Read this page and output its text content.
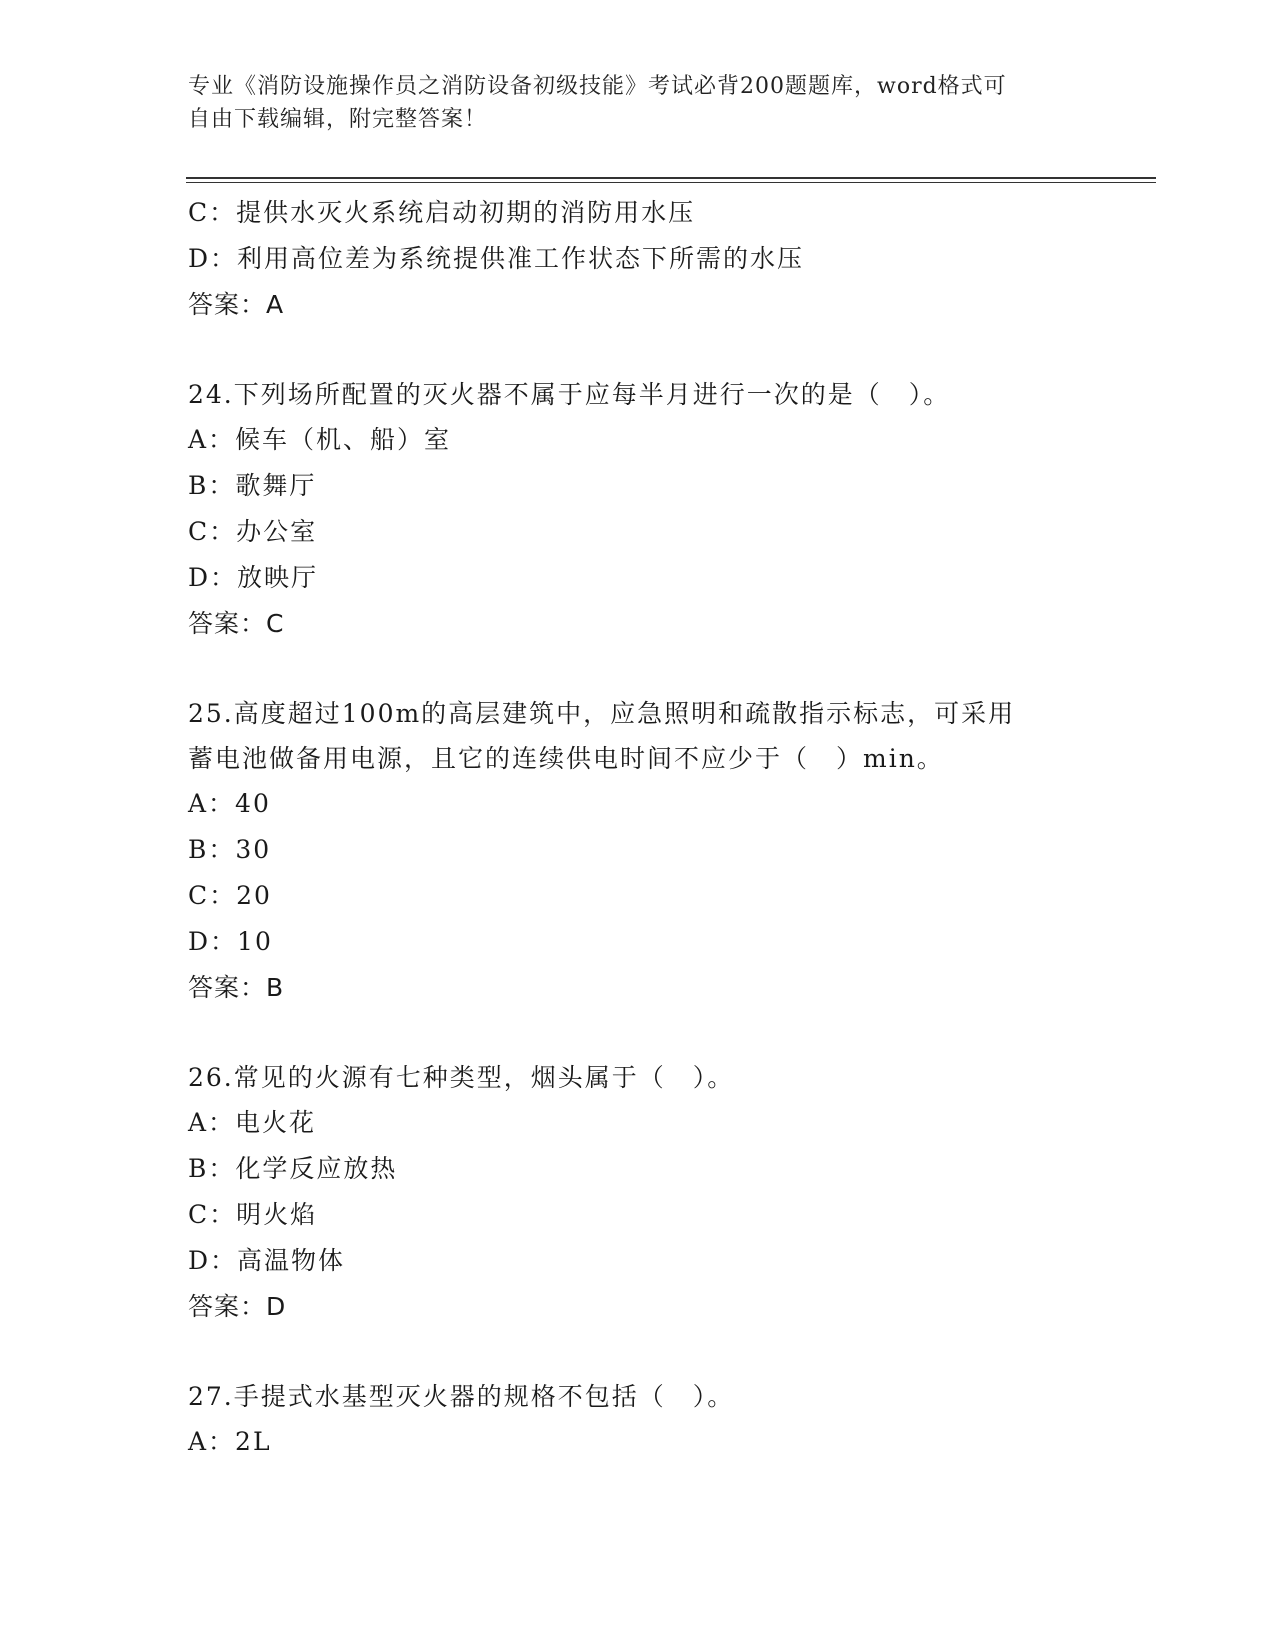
专业《消防设施操作员之消防设备初级技能》考试必背200题题库，word格式可
自由下载编辑，附完整答案！
C：提供水灭火系统启动初期的消防用水压
D：利用高位差为系统提供准工作状态下所需的水压
答案：A
24.下列场所配置的灭火器不属于应每半月进行一次的是（　）。
A：候车（机、船）室
B：歌舞厅
C：办公室
D：放映厅
答案：C
25.高度超过100m的高层建筑中，应急照明和疏散指示标志，可采用
蓄电池做备用电源，且它的连续供电时间不应少于（　）min。
A：40
B：30
C：20
D：10
答案：B
26.常见的火源有七种类型，烟头属于（　）。
A：电火花
B：化学反应放热
C：明火焰
D：高温物体
答案：D
27.手提式水基型灭火器的规格不包括（　）。
A：2L
